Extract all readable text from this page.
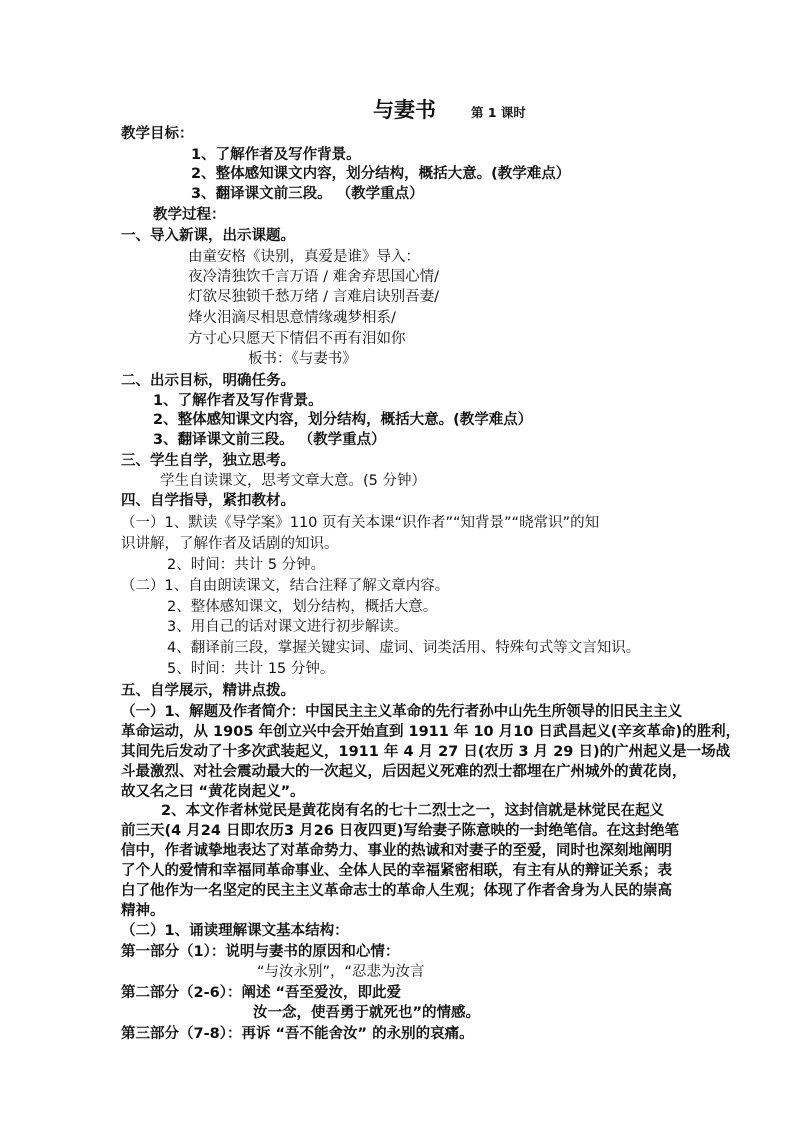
与妻书	第 1 课时
教学目标：
1、了解作者及写作背景。
2、整体感知课文内容，划分结构，概括大意。(教学难点）
3、翻译课文前三段。 （教学重点）
教学过程：
一、导入新课，出示课题。
由童安格《诀别，真爱是谁》导入：
夜冷清独饮千言万语 / 难舍弃思国心情/
灯欲尽独锁千愁万绪 / 言难启诀别吾妻/
烽火泪滴尽相思意情缘魂梦相系/
方寸心只愿天下情侣不再有泪如你
板书：《与妻书》
二、出示目标，明确任务。
1、了解作者及写作背景。
2、整体感知课文内容，划分结构，概括大意。(教学难点）
3、翻译课文前三段。 （教学重点）
三、学生自学，独立思考。
学生自读课文，思考文章大意。(5 分钟）
四、自学指导，紧扣教材。
（一）1、默读《导学案》110 页有关本课“识作者”“知背景”“晓常识”的知
识讲解，了解作者及话剧的知识。
2、时间：共计 5 分钟。
（二）1、自由朗读课文，结合注释了解文章内容。
2、整体感知课文，划分结构，概括大意。
3、用自己的话对课文进行初步解读。
4、翻译前三段，掌握关键实词、虚词、词类活用、特殊句式等文言知识。
5、时间：共计 15 分钟。
五、自学展示，精讲点拨。
（一）1、解题及作者简介：中国民主主义革命的先行者孙中山先生所领导的旧民主主义
革命运动，从 1905 年创立兴中会开始直到 1911 年 10 月10 日武昌起义(辛亥革命)的胜利，
其间先后发动了十多次武装起义，1911 年 4 月 27 日(农历 3 月 29 日)的广州起义是一场战
斗最激烈、对社会震动最大的一次起义，后因起义死难的烈士都埋在广州城外的黄花岗，
故又名之曰 “黄花岗起义”。
2、本文作者林觉民是黄花岗有名的七十二烈士之一，这封信就是林觉民在起义
前三天(4 月24 日即农历3 月26 日夜四更)写给妻子陈意映的一封绝笔信。在这封绝笔
信中，作者诚挚地表达了对革命势力、事业的热诚和对妻子的至爱，同时也深刻地阐明
了个人的爱情和幸福同革命事业、全体人民的幸福紧密相联，有主有从的辩证关系；表
白了他作为一名坚定的民主主义革命志士的革命人生观；体现了作者舍身为人民的崇高
精神。
（二）1、诵读理解课文基本结构：
第一部分（1）：说明与妻书的原因和心情：
“与汝永别”，“忍悲为汝言
第二部分（2-6）：阐述 “吾至爱汝，即此爱
汝一念，使吾勇于就死也”的情感。
第三部分（7-8）：再诉 “吾不能舍汝” 的永别的哀痛。
